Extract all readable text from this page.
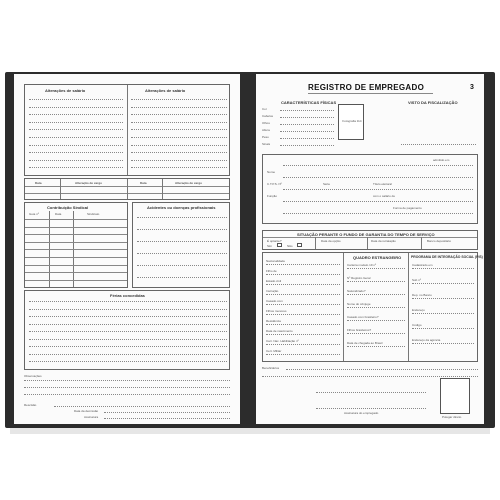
Alterações de salário	Alterações de salário
Data	Alteração de cargo	Data	Alteração de cargo
Contribuição Sindical
Guia nº	Data	Sindicato
Acidentes ou doenças profissionais
Férias concedidas
Observações
Rescisão
Data da demissão
Assinatura
REGISTRO DE EMPREGADO	3
CARACTERÍSTICAS FÍSICAS	VISTO DA FISCALIZAÇÃO
Cor
Cabelos
Olhos
Altura
Peso
Sinais
Fotografia 3x4
admitido em
Nome
C.T.P.S. Nº	Série	Título eleitoral
Função	com o salário de
Forma de pagamento
SITUAÇÃO PERANTE O FUNDO DE GARANTIA DO TEMPO DE SERVIÇO
É optante?	Data da opção	Data da retratação	Banco depositário
Sim	Não
QUADRO ESTRANGEIRO	PROGRAMA DE INTEGRAÇÃO SOCIAL (PIS)
Nacionalidade
Filho de
Estado civil
Instrução
Casado com
Filhos menores
Residência
Data de nascimento
Carr. Nac. Habilitação nº
Cert. Militar
Carteira modelo 19 nº
Nº Registro Geral
Naturalizado?
Nome do cônjuge
Casado com brasileiro?
Filhos brasileiros?
Data de chegada ao Brasil
Cadastrado em
Sob nº
Dep. no Banco
Endereço
Código
Endereço da agência
Beneficiários
Assinatura do empregado
Polegar direito
